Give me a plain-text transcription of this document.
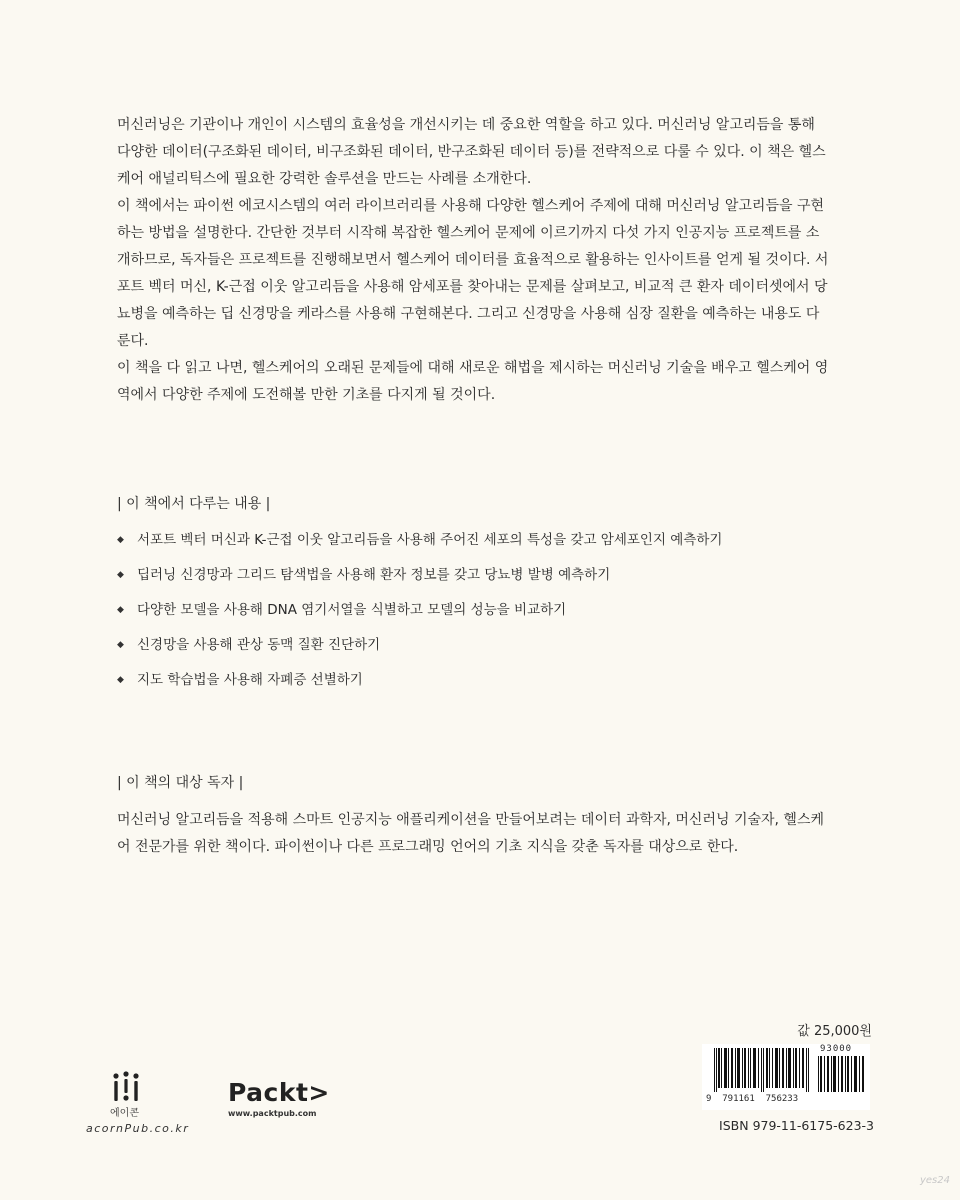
머신러닝은 기관이나 개인이 시스템의 효율성을 개선시키는 데 중요한 역할을 하고 있다. 머신러닝 알고리듬을 통해 다양한 데이터(구조화된 데이터, 비구조화된 데이터, 반구조화된 데이터 등)를 전략적으로 다룰 수 있다. 이 책은 헬스케어 애널리틱스에 필요한 강력한 솔루션을 만드는 사례를 소개한다.

이 책에서는 파이썬 에코시스템의 여러 라이브러리를 사용해 다양한 헬스케어 주제에 대해 머신러닝 알고리듬을 구현하는 방법을 설명한다. 간단한 것부터 시작해 복잡한 헬스케어 문제에 이르기까지 다섯 가지 인공지능 프로젝트를 소개하므로, 독자들은 프로젝트를 진행해보면서 헬스케어 데이터를 효율적으로 활용하는 인사이트를 얻게 될 것이다. 서포트 벡터 머신, K-근접 이웃 알고리듬을 사용해 암세포를 찾아내는 문제를 살펴보고, 비교적 큰 환자 데이터셋에서 당뇨병을 예측하는 딥 신경망을 케라스를 사용해 구현해본다. 그리고 신경망을 사용해 심장 질환을 예측하는 내용도 다룬다.

이 책을 다 읽고 나면, 헬스케어의 오래된 문제들에 대해 새로운 해법을 제시하는 머신러닝 기술을 배우고 헬스케어 영역에서 다양한 주제에 도전해볼 만한 기초를 다지게 될 것이다.

| 이 책에서 다루는 내용 |

◆ 서포트 벡터 머신과 K-근접 이웃 알고리듬을 사용해 주어진 세포의 특성을 갖고 암세포인지 예측하기
◆ 딥러닝 신경망과 그리드 탐색법을 사용해 환자 정보를 갖고 당뇨병 발병 예측하기
◆ 다양한 모델을 사용해 DNA 염기서열을 식별하고 모델의 성능을 비교하기
◆ 신경망을 사용해 관상 동맥 질환 진단하기
◆ 지도 학습법을 사용해 자폐증 선별하기

| 이 책의 대상 독자 |

머신러닝 알고리듬을 적용해 스마트 인공지능 애플리케이션을 만들어보려는 데이터 과학자, 머신러닝 기술자, 헬스케어 전문가를 위한 책이다. 파이썬이나 다른 프로그래밍 언어의 기초 지식을 갖춘 독자를 대상으로 한다.

값 25,000원
93000
9  791161  756233
ISBN 979-11-6175-623-3
에이콘
acornPub.co.kr
Packt>
www.packtpub.com
yes24
